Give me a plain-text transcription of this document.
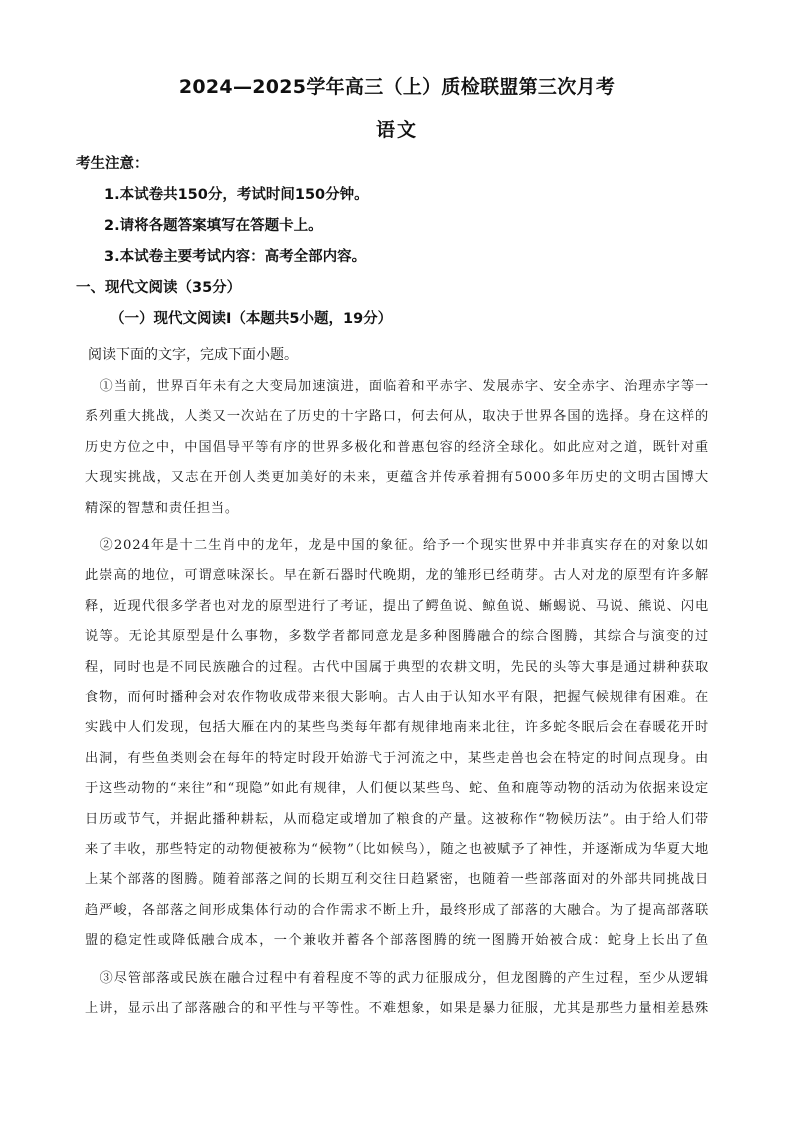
2024—2025学年高三（上）质检联盟第三次月考
语文
考生注意：
1.本试卷共150分，考试时间150分钟。
2.请将各题答案填写在答题卡上。
3.本试卷主要考试内容：高考全部内容。
一、现代文阅读（35分）
（一）现代文阅读Ⅰ（本题共5小题，19分）
阅读下面的文字，完成下面小题。
①当前，世界百年未有之大变局加速演进，面临着和平赤字、发展赤字、安全赤字、治理赤字等一系列重大挑战，人类又一次站在了历史的十字路口，何去何从，取决于世界各国的选择。身在这样的历史方位之中，中国倡导平等有序的世界多极化和普惠包容的经济全球化。如此应对之道，既针对重大现实挑战，又志在开创人类更加美好的未来，更蕴含并传承着拥有5000多年历史的文明古国博大精深的智慧和责任担当。
②2024年是十二生肖中的龙年，龙是中国的象征。给予一个现实世界中并非真实存在的对象以如此崇高的地位，可谓意味深长。早在新石器时代晚期，龙的雏形已经萌芽。古人对龙的原型有许多解释，近现代很多学者也对龙的原型进行了考证，提出了鳄鱼说、鲸鱼说、蜥蜴说、马说、熊说、闪电说等。无论其原型是什么事物，多数学者都同意龙是多种图腾融合的综合图腾，其综合与演变的过程，同时也是不同民族融合的过程。古代中国属于典型的农耕文明，先民的头等大事是通过耕种获取食物，而何时播种会对农作物收成带来很大影响。古人由于认知水平有限，把握气候规律有困难。在实践中人们发现，包括大雁在内的某些鸟类每年都有规律地南来北往，许多蛇冬眠后会在春暖花开时出洞，有些鱼类则会在每年的特定时段开始游弋于河流之中，某些走兽也会在特定的时间点现身。由于这些动物的“来往”和“现隐”如此有规律，人们便以某些鸟、蛇、鱼和鹿等动物的活动为依据来设定日历或节气，并据此播种耕耘，从而稳定或增加了粮食的产量。这被称作“物候历法”。由于给人们带来了丰收，那些特定的动物便被称为“候物”（比如候鸟），随之也被赋予了神性，并逐渐成为华夏大地上某个部落的图腾。随着部落之间的长期互利交往日趋紧密，也随着一些部落面对的外部共同挑战日趋严峻，各部落之间形成集体行动的合作需求不断上升，最终形成了部落的大融合。为了提高部落联盟的稳定性或降低融合成本，一个兼收并蓄各个部落图腾的统一图腾开始被合成：蛇身上长出了鱼
③尽管部落或民族在融合过程中有着程度不等的武力征服成分，但龙图腾的产生过程，至少从逻辑上讲，显示出了部落融合的和平性与平等性。不难想象，如果是暴力征服，尤其是那些力量相差悬殊
